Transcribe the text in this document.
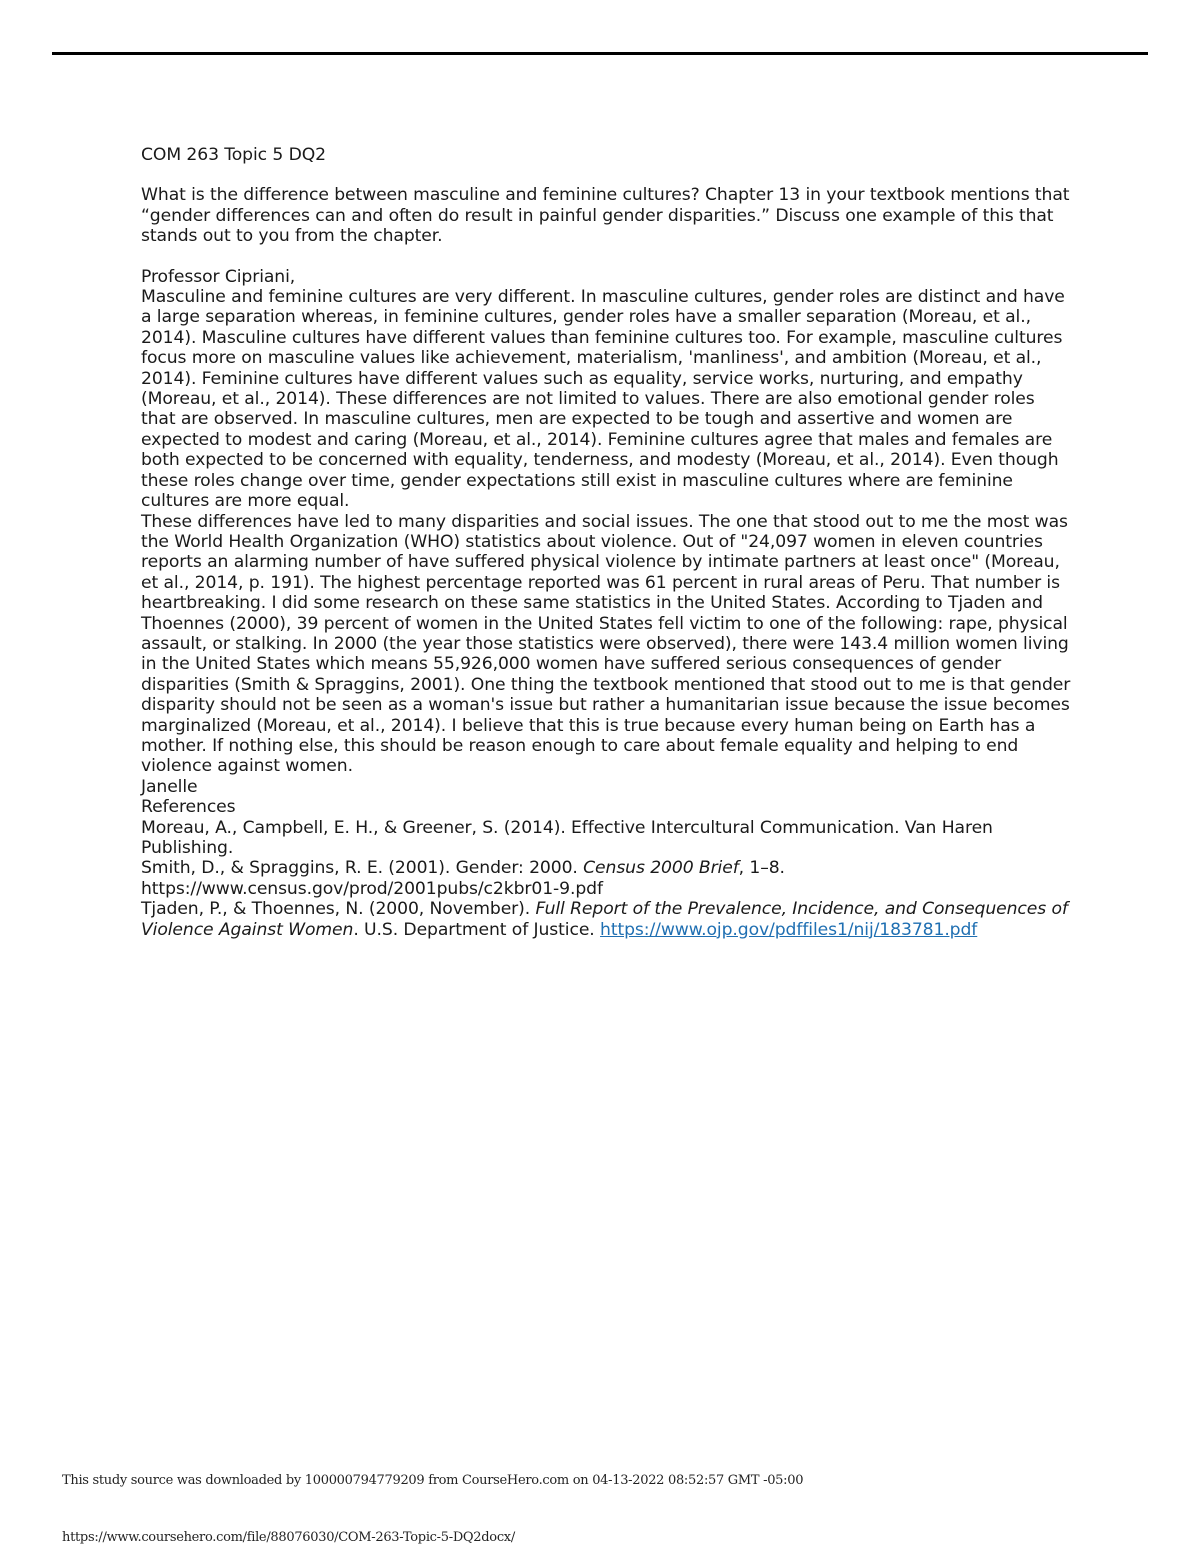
COM 263 Topic 5 DQ2

What is the difference between masculine and feminine cultures? Chapter 13 in your textbook mentions that “gender differences can and often do result in painful gender disparities.” Discuss one example of this that stands out to you from the chapter.

Professor Cipriani,

Masculine and feminine cultures are very different. In masculine cultures, gender roles are distinct and have a large separation whereas, in feminine cultures, gender roles have a smaller separation (Moreau, et al., 2014). Masculine cultures have different values than feminine cultures too. For example, masculine cultures focus more on masculine values like achievement, materialism, 'manliness', and ambition (Moreau, et al., 2014). Feminine cultures have different values such as equality, service works, nurturing, and empathy (Moreau, et al., 2014). These differences are not limited to values. There are also emotional gender roles that are observed. In masculine cultures, men are expected to be tough and assertive and women are expected to modest and caring (Moreau, et al., 2014). Feminine cultures agree that males and females are both expected to be concerned with equality, tenderness, and modesty (Moreau, et al., 2014). Even though these roles change over time, gender expectations still exist in masculine cultures where are feminine cultures are more equal.

These differences have led to many disparities and social issues. The one that stood out to me the most was the World Health Organization (WHO) statistics about violence. Out of "24,097 women in eleven countries reports an alarming number of have suffered physical violence by intimate partners at least once" (Moreau, et al., 2014, p. 191). The highest percentage reported was 61 percent in rural areas of Peru. That number is heartbreaking. I did some research on these same statistics in the United States. According to Tjaden and Thoennes (2000), 39 percent of women in the United States fell victim to one of the following: rape, physical assault, or stalking. In 2000 (the year those statistics were observed), there were 143.4 million women living in the United States which means 55,926,000 women have suffered serious consequences of gender disparities (Smith & Spraggins, 2001). One thing the textbook mentioned that stood out to me is that gender disparity should not be seen as a woman's issue but rather a humanitarian issue because the issue becomes marginalized (Moreau, et al., 2014). I believe that this is true because every human being on Earth has a mother. If nothing else, this should be reason enough to care about female equality and helping to end violence against women.

Janelle

References

Moreau, A., Campbell, E. H., & Greener, S. (2014). Effective Intercultural Communication. Van Haren Publishing.

Smith, D., & Spraggins, R. E. (2001). Gender: 2000. Census 2000 Brief, 1–8.

https://www.census.gov/prod/2001pubs/c2kbr01-9.pdf

Tjaden, P., & Thoennes, N. (2000, November). Full Report of the Prevalence, Incidence, and Consequences of Violence Against Women. U.S. Department of Justice. https://www.ojp.gov/pdffiles1/nij/183781.pdf

This study source was downloaded by 100000794779209 from CourseHero.com on 04-13-2022 08:52:57 GMT -05:00
https://www.coursehero.com/file/88076030/COM-263-Topic-5-DQ2docx/
